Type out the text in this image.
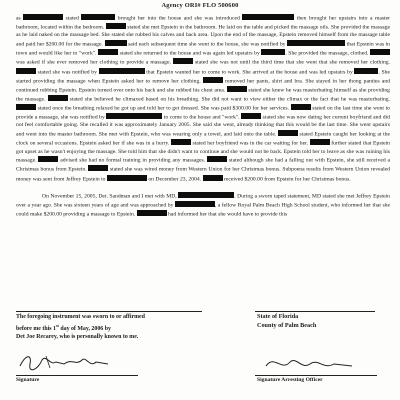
Agency ORI# FLO 500600

as	stated	brought her into the house and she was introduced	then brought her upstairs into a master bathroom, located within the bedroom.	stated she met Epstein in the bathroom. He laid on the table and picked the massage oils. She provided the massage as he laid naked on the massage bed. She stated she rubbed his calves and back area. Upon the end of the massage, Epstein removed himself from the massage table and paid her $200.00 for the massage.	said each subsequent time she went to the house, she was notified by	that Epstein was in town and would like her to "work".	stated she returned to the house and was again led upstairs by	. She provided the massage, clothed.  was asked if she ever removed her clothing to provide a massage.	stated she was not until the third time that she went that she removed her clothing.  stated she was notified by	that Epstein wanted her to come to work. She arrived at the house and was led upstairs by	. She started providing the massage when Epstein asked her to remove her clothing.	removed her pants, shirt and bra. She stayed in her thong panties and continued rubbing Epstein. Epstein turned over onto his back and she rubbed his chest area.	stated she knew he was masturbating himself as she providing the massage.	stated she believed he climaxed based on his breathing. She did not want to view either the climax or the fact that he was masturbating.  stated once the breathing relaxed he got up and told her to get dressed. She was paid $300.00 for her services.	stated on the last time she went to provide a massage, she was notified by	to come to the house and "work".	stated she was now dating her current boyfriend and did not feel comfortable going. She recalled it was approximately January 2005. She said she went, already thinking that this would be the last time. She went upstairs and went into the master bathroom. She met with Epstein, who was wearing only a towel, and laid onto the table.	stated Epstein caught her looking at the clock on several occasions. Epstein asked her if she was in a hurry.	stated her boyfriend was in the car waiting for her.	further stated that Epstein got upset as he wasn't enjoying the massage. She told him that she didn't want to continue and she would not be back. Epstein told her to leave as she was ruining his massage.	advised she had no formal training in providing any massages.	stated although she had a falling out with Epstein, she still received a Christmas bonus from Epstein.	stated she was wired money from Western Union for her Christmas bonus. Subpoena results from Western Union revealed money was sent from Jeffrey Epstein to	on December 23, 2004.	received $200.00 from Epstein for her Christmas bonus.

On November 15, 2005, Det. Sandman and I met with MD,	. During a sworn taped statement, MD stated she met Jeffrey Epstein over a year ago. She was sixteen years of age and was approached by	, a fellow Royal Palm Beach High School student, who informed her that she could make $200.00 providing a massage to Epstein.	had informed her that she would have to provide this

The foregoing instrument was sworn to or affirmed
before me this 1st day of May, 2006 by
Det Joe Recarey, who is personally known to me.
State of Florida
County of Palm Beach
Signature	Signature Arresting Officer
